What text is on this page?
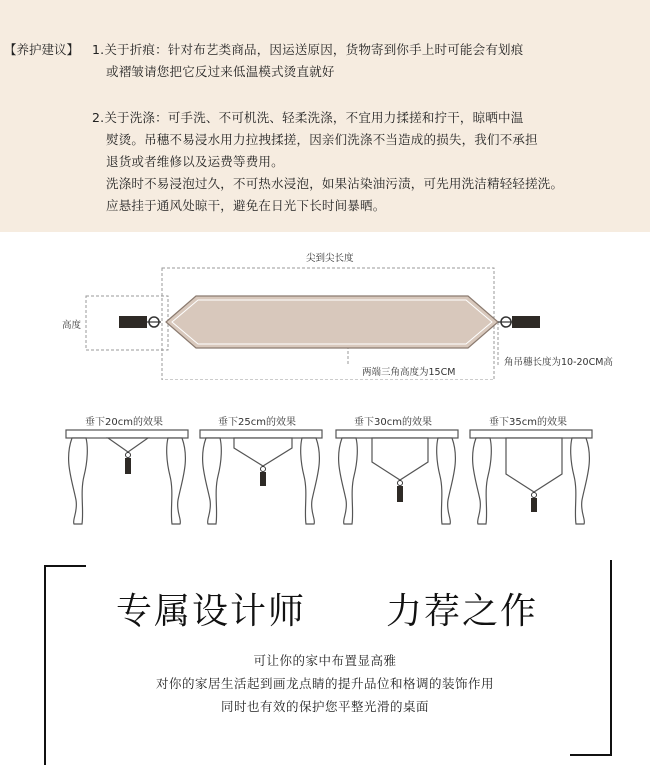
【养护建议】 1.关于折痕：针对布艺类商品，因运送原因，货物寄到你手上时可能会有划痕
或褶皱请您把它反过来低温模式烫直就好
2.关于洗涤：可手洗、不可机洗、轻柔洗涤，不宜用力揉搓和拧干，晾晒中温
熨烫。吊穗不易浸水用力拉拽揉搓，因亲们洗涤不当造成的损失，我们不承担
退货或者维修以及运费等费用。
洗涤时不易浸泡过久，不可热水浸泡，如果沾染油污渍，可先用洗洁精轻轻搓洗。
应悬挂于通风处晾干，避免在日光下长时间暴晒。
尖到尖长度
高度
两端三角高度为15CM
角吊穗长度为10-20CM高
垂下20cm的效果	垂下25cm的效果	垂下30cm的效果	垂下35cm的效果
专属设计师 力荐之作
可让你的家中布置显高雅
对你的家居生活起到画龙点睛的提升品位和格调的装饰作用
同时也有效的保护您平整光滑的桌面
